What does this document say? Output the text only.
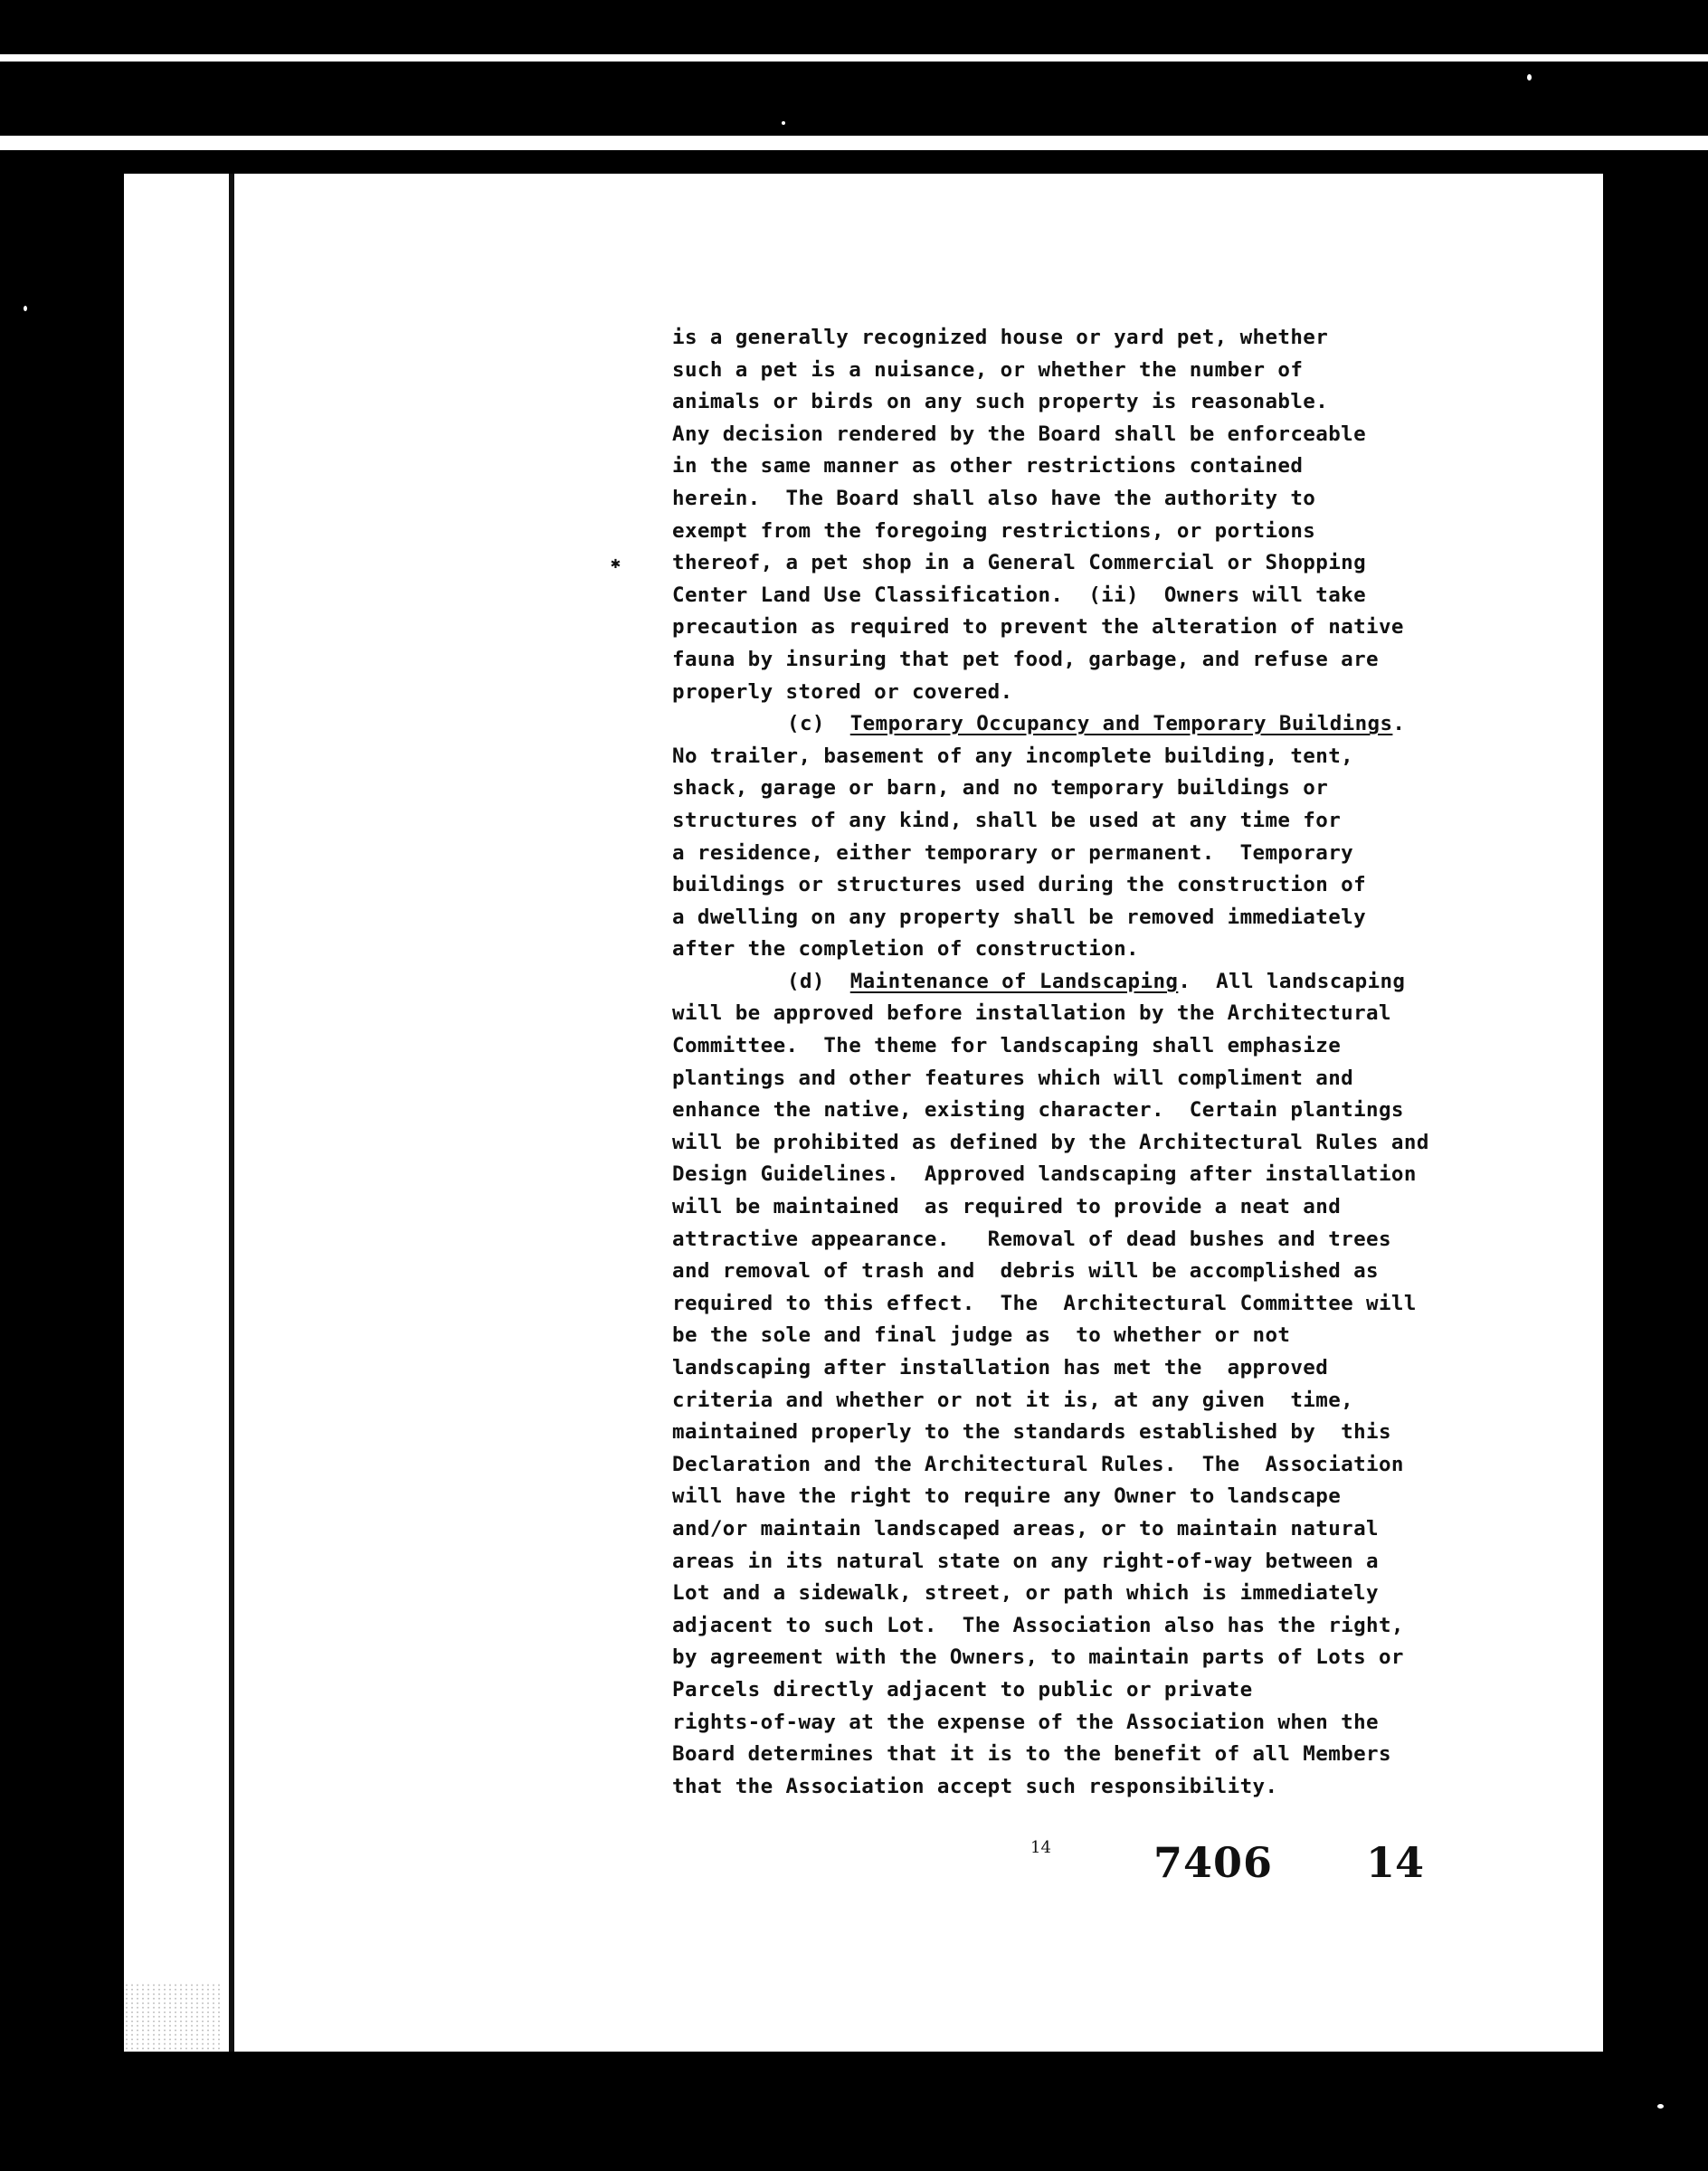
is a generally recognized house or yard pet, whether
such a pet is a nuisance, or whether the number of
animals or birds on any such property is reasonable.
Any decision rendered by the Board shall be enforceable
in the same manner as other restrictions contained
herein.  The Board shall also have the authority to
exempt from the foregoing restrictions, or portions
thereof, a pet shop in a General Commercial or Shopping
Center Land Use Classification.  (ii)  Owners will take
precaution as required to prevent the alteration of native
fauna by insuring that pet food, garbage, and refuse are
properly stored or covered.
(c)  Temporary Occupancy and Temporary Buildings.
No trailer, basement of any incomplete building, tent,
shack, garage or barn, and no temporary buildings or
structures of any kind, shall be used at any time for
a residence, either temporary or permanent.  Temporary
buildings or structures used during the construction of
a dwelling on any property shall be removed immediately
after the completion of construction.
(d)  Maintenance of Landscaping.  All landscaping
will be approved before installation by the Architectural
Committee.  The theme for landscaping shall emphasize
plantings and other features which will compliment and
enhance the native, existing character.  Certain plantings
will be prohibited as defined by the Architectural Rules and
Design Guidelines.  Approved landscaping after installation
will be maintained  as required to provide a neat and
attractive appearance.   Removal of dead bushes and trees
and removal of trash and  debris will be accomplished as
required to this effect.  The  Architectural Committee will
be the sole and final judge as  to whether or not
landscaping after installation has met the  approved
criteria and whether or not it is, at any given  time,
maintained properly to the standards established by  this
Declaration and the Architectural Rules.  The  Association
will have the right to require any Owner to landscape
and/or maintain landscaped areas, or to maintain natural
areas in its natural state on any right-of-way between a
Lot and a sidewalk, street, or path which is immediately
adjacent to such Lot.  The Association also has the right,
by agreement with the Owners, to maintain parts of Lots or
Parcels directly adjacent to public or private
rights-of-way at the expense of the Association when the
Board determines that it is to the benefit of all Members
that the Association accept such responsibility.
✱
14 7406 14
